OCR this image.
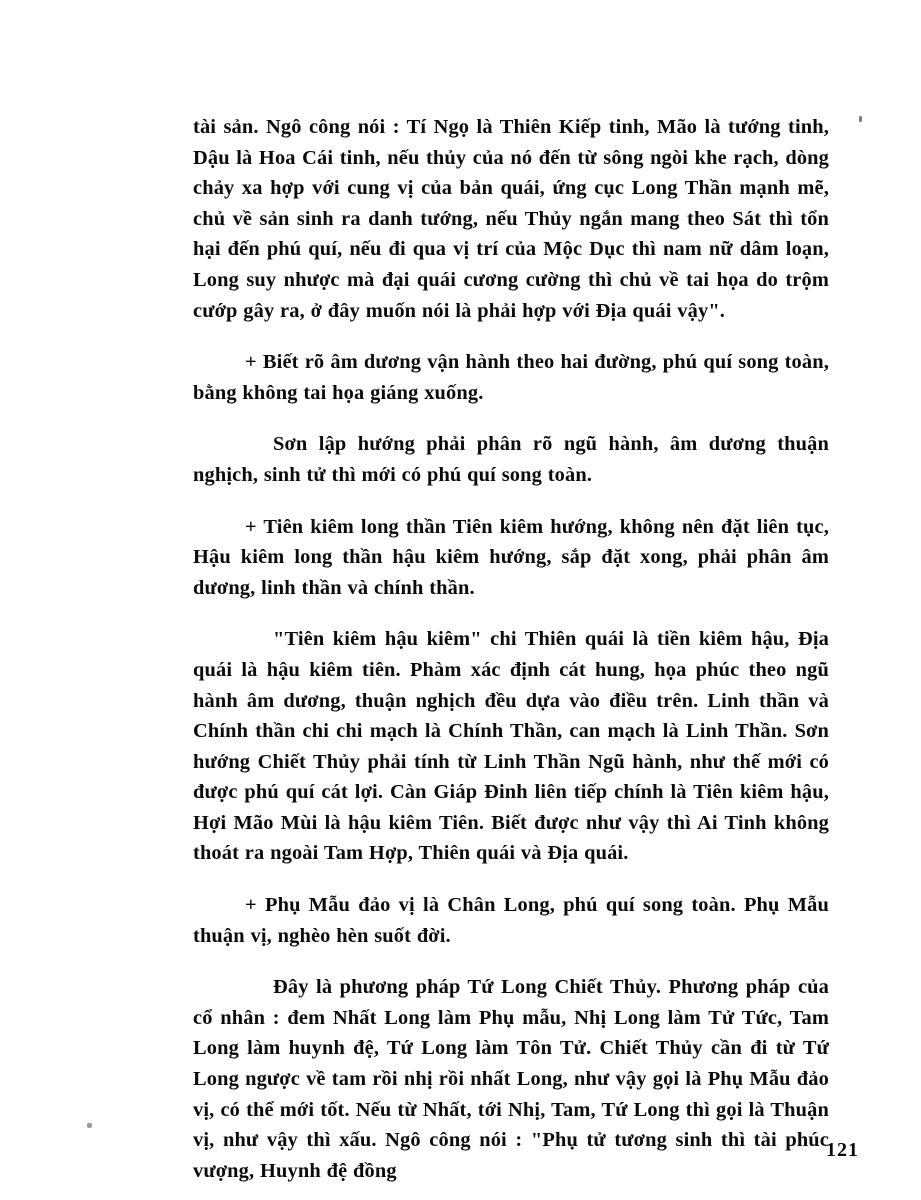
tài sản. Ngô công nói : Tí Ngọ là Thiên Kiếp tinh, Mão là tướng tinh, Dậu là Hoa Cái tinh, nếu thủy của nó đến từ sông ngòi khe rạch, dòng chảy xa hợp với cung vị của bản quái, ứng cục Long Thần mạnh mẽ, chủ về sản sinh ra danh tướng, nếu Thủy ngắn mang theo Sát thì tổn hại đến phú quí, nếu đi qua vị trí của Mộc Dục thì nam nữ dâm loạn, Long suy nhược mà đại quái cương cường thì chủ về tai họa do trộm cướp gây ra, ở đây muốn nói là phải hợp với Địa quái vậy".

+ Biết rõ âm dương vận hành theo hai đường, phú quí song toàn, bằng không tai họa giáng xuống.

Sơn lập hướng phải phân rõ ngũ hành, âm dương thuận nghịch, sinh tử thì mới có phú quí song toàn.

+ Tiên kiêm long thần Tiên kiêm hướng, không nên đặt liên tục, Hậu kiêm long thần hậu kiêm hướng, sắp đặt xong, phải phân âm dương, linh thần và chính thần.

"Tiên kiêm hậu kiêm" chi Thiên quái là tiền kiêm hậu, Địa quái là hậu kiêm tiên. Phàm xác định cát hung, họa phúc theo ngũ hành âm dương, thuận nghịch đều dựa vào điều trên. Linh thần và Chính thần chi chi mạch là Chính Thần, can mạch là Linh Thần. Sơn hướng Chiết Thủy phải tính từ Linh Thần Ngũ hành, như thế mới có được phú quí cát lợi. Càn Giáp Đinh liên tiếp chính là Tiên kiêm hậu, Hợi Mão Mùi là hậu kiêm Tiên. Biết được như vậy thì Ai Tinh không thoát ra ngoài Tam Hợp, Thiên quái và Địa quái.

+ Phụ Mẫu đảo vị là Chân Long, phú quí song toàn. Phụ Mẫu thuận vị, nghèo hèn suốt đời.

Đây là phương pháp Tứ Long Chiết Thủy. Phương pháp của cổ nhân : đem Nhất Long làm Phụ mẫu, Nhị Long làm Tử Tức, Tam Long làm huynh đệ, Tứ Long làm Tôn Tử. Chiết Thủy cần đi từ Tứ Long ngược về tam rồi nhị rồi nhất Long, như vậy gọi là Phụ Mẫu đảo vị, có thể mới tốt. Nếu từ Nhất, tới Nhị, Tam, Tứ Long thì gọi là Thuận vị, như vậy thì xấu. Ngô công nói : "Phụ tử tương sinh thì tài phúc vượng, Huynh đệ đồng

121
